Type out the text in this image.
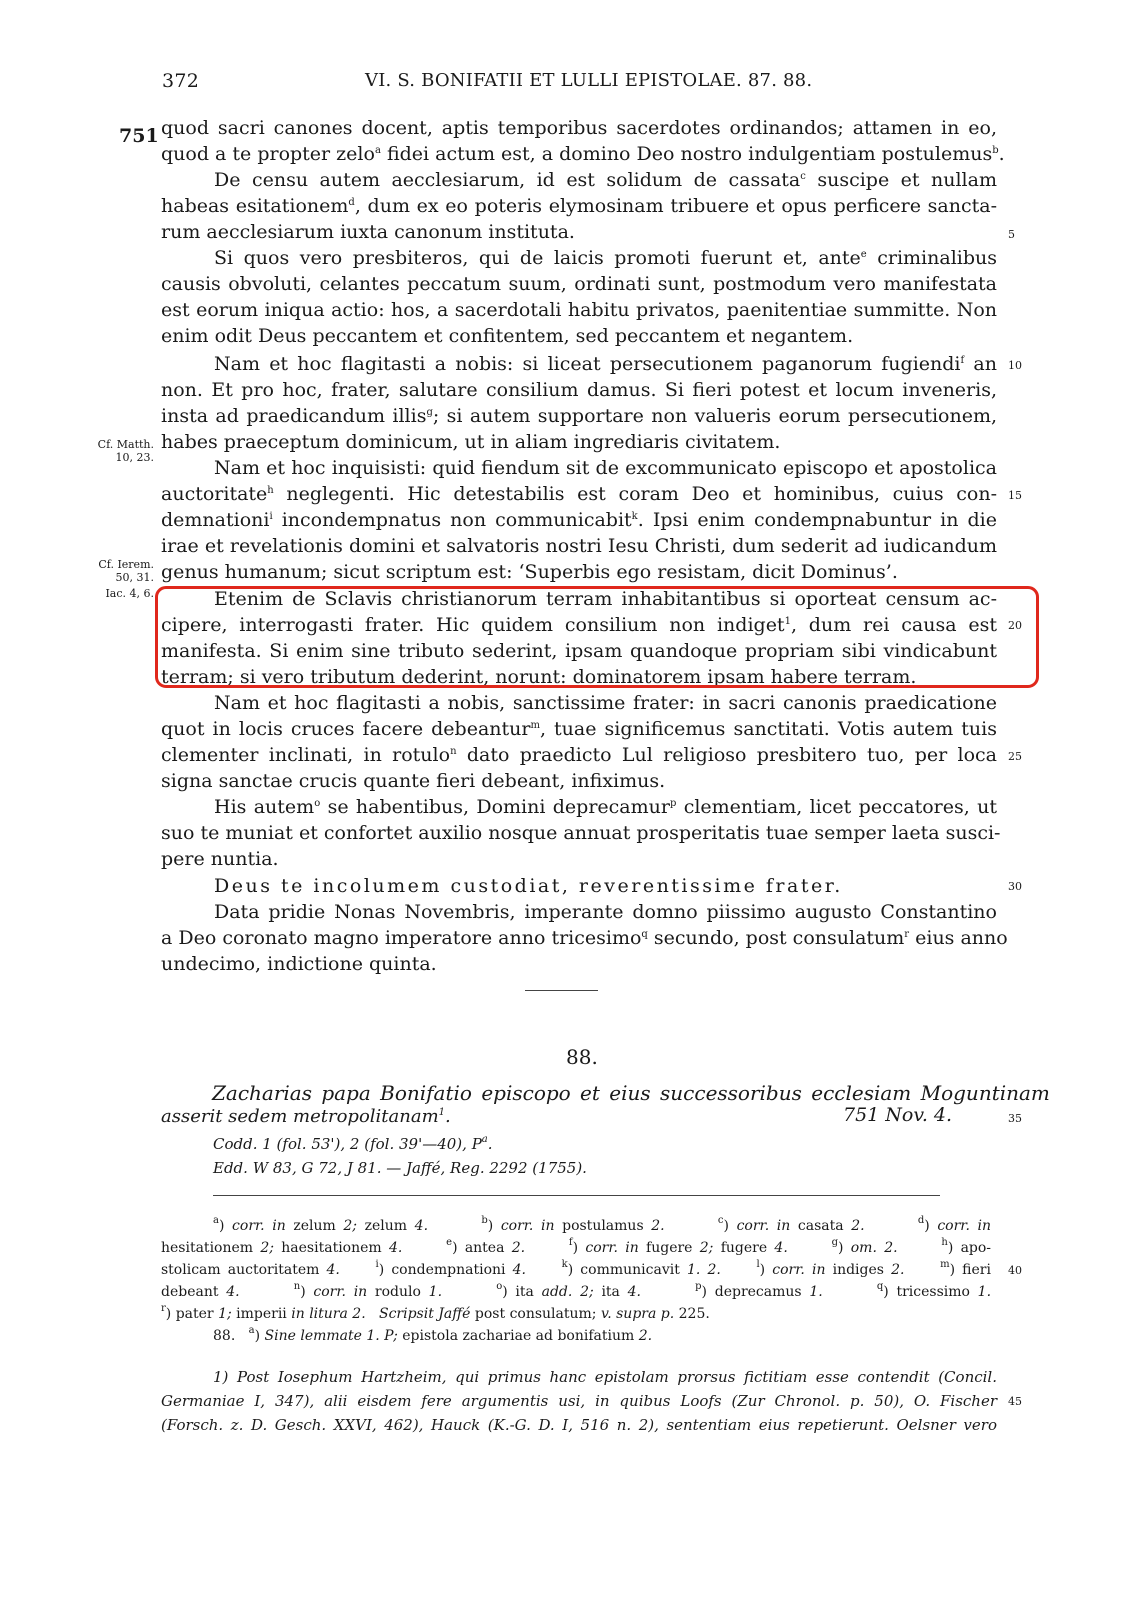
372	VI. S. BONIFATII ET LULLI EPISTOLAE. 87. 88.
751 quod sacri canones docent, aptis temporibus sacerdotes ordinandos; attamen in eo,
quod a te propter zelo$^a$ fidei actum est, a domino Deo nostro indulgentiam postulemus$^b$.
De censu autem aecclesiarum, id est solidum de cassata$^c$ suscipe et nullam
habeas esitationem$^d$, dum ex eo poteris elymosinam tribuere et opus perficere sancta-
rum aecclesiarum iuxta canonum instituta.
Si quos vero presbiteros, qui de laicis promoti fuerunt et, ante$^e$ criminalibus
causis obvoluti, celantes peccatum suum, ordinati sunt, postmodum vero manifestata
est eorum iniqua actio: hos, a sacerdotali habitu privatos, paenitentiae summitte. Non
enim odit Deus peccantem et confitentem, sed peccantem et negantem.
Nam et hoc flagitasti a nobis: si liceat persecutionem paganorum fugiendi$^f$ an
non. Et pro hoc, frater, salutare consilium damus. Si fieri potest et locum inveneris,
insta ad praedicandum illis$^g$; si autem supportare non valueris eorum persecutionem,
habes praeceptum dominicum, ut in aliam ingrediaris civitatem.
Nam et hoc inquisisti: quid fiendum sit de excommunicato episcopo et apostolica
auctoritate$^h$ neglegenti. Hic detestabilis est coram Deo et hominibus, cuius con-
demnationi$^i$ incondempnatus non communicabit$^k$. Ipsi enim condempnabuntur in die
irae et revelationis domini et salvatoris nostri Iesu Christi, dum sederit ad iudicandum
genus humanum; sicut scriptum est: ‘Superbis ego resistam, dicit Dominus’.
Etenim de Sclavis christianorum terram inhabitantibus si oporteat censum ac-
cipere, interrogasti frater. Hic quidem consilium non indiget$^1$, dum rei causa est
manifesta. Si enim sine tributo sederint, ipsam quandoque propriam sibi vindicabunt
terram; si vero tributum dederint, norunt: dominatorem ipsam habere terram.
Nam et hoc flagitasti a nobis, sanctissime frater: in sacri canonis praedicatione
quot in locis cruces facere debeantur$^m$, tuae significemus sanctitati. Votis autem tuis
clementer inclinati, in rotulo$^n$ dato praedicto Lul religioso presbitero tuo, per loca
signa sanctae crucis quante fieri debeant, infiximus.
His autem$^o$ se habentibus, Domini deprecamur$^p$ clementiam, licet peccatores, ut
suo te muniat et confortet auxilio nosque annuat prosperitatis tuae semper laeta susci-
pere nuntia.
Deus te incolumem custodiat, reverentissime frater.
Data pridie Nonas Novembris, imperante domno piissimo augusto Constantino
a Deo coronato magno imperatore anno tricesimo$^q$ secundo, post consulatum$^r$ eius anno
undecimo, indictione quinta.
5
10
15
20
25
30
35
40
45
Cf. Matth. 10, 23.
Cf. Ierem. 50, 31.
Iac. 4, 6.
88.
Zacharias papa Bonifatio episcopo et eius successoribus ecclesiam Moguntinam
asserit sedem metropolitanam$^1$.	751 Nov. 4.
Codd. 1 (fol. 53'), 2 (fol. 39'—40), $P^a$.
Edd. W 83, G 72, J 81. — Jaffé, Reg. 2292 (1755).
$^a$) corr. in zelum 2; zelum 4.	$^b$) corr. in postulamus 2.	$^c$) corr. in casata 2.	$^d$) corr. in
hesitationem 2; haesitationem 4.	$^e$) antea 2.	$^f$) corr. in fugere 2; fugere 4.	$^g$) om. 2.	$^h$) apo-
stolicam auctoritatem 4.	$^i$) condempnationi 4.	$^k$) communicavit 1. 2.	$^l$) corr. in indiges 2.	$^m$) fieri
debeant 4.	$^n$) corr. in rodulo 1.	$^o$) ita add. 2; ita 4.	$^p$) deprecamus 1.	$^q$) tricessimo 1.
$^r$) pater 1; imperii in litura 2.   Scripsit Jaffé post consulatum; v. supra p. 225.
88.   $^a$) Sine lemmate 1. P; epistola zachariae ad bonifatium 2.
1) Post Iosephum Hartzheim, qui primus hanc epistolam prorsus fictitiam esse contendit (Concil.
Germaniae I, 347), alii eisdem fere argumentis usi, in quibus Loofs (Zur Chronol. p. 50), O. Fischer
(Forsch. z. D. Gesch. XXVI, 462), Hauck (K.-G. D. I, 516 n. 2), sententiam eius repetierunt. Oelsner vero
